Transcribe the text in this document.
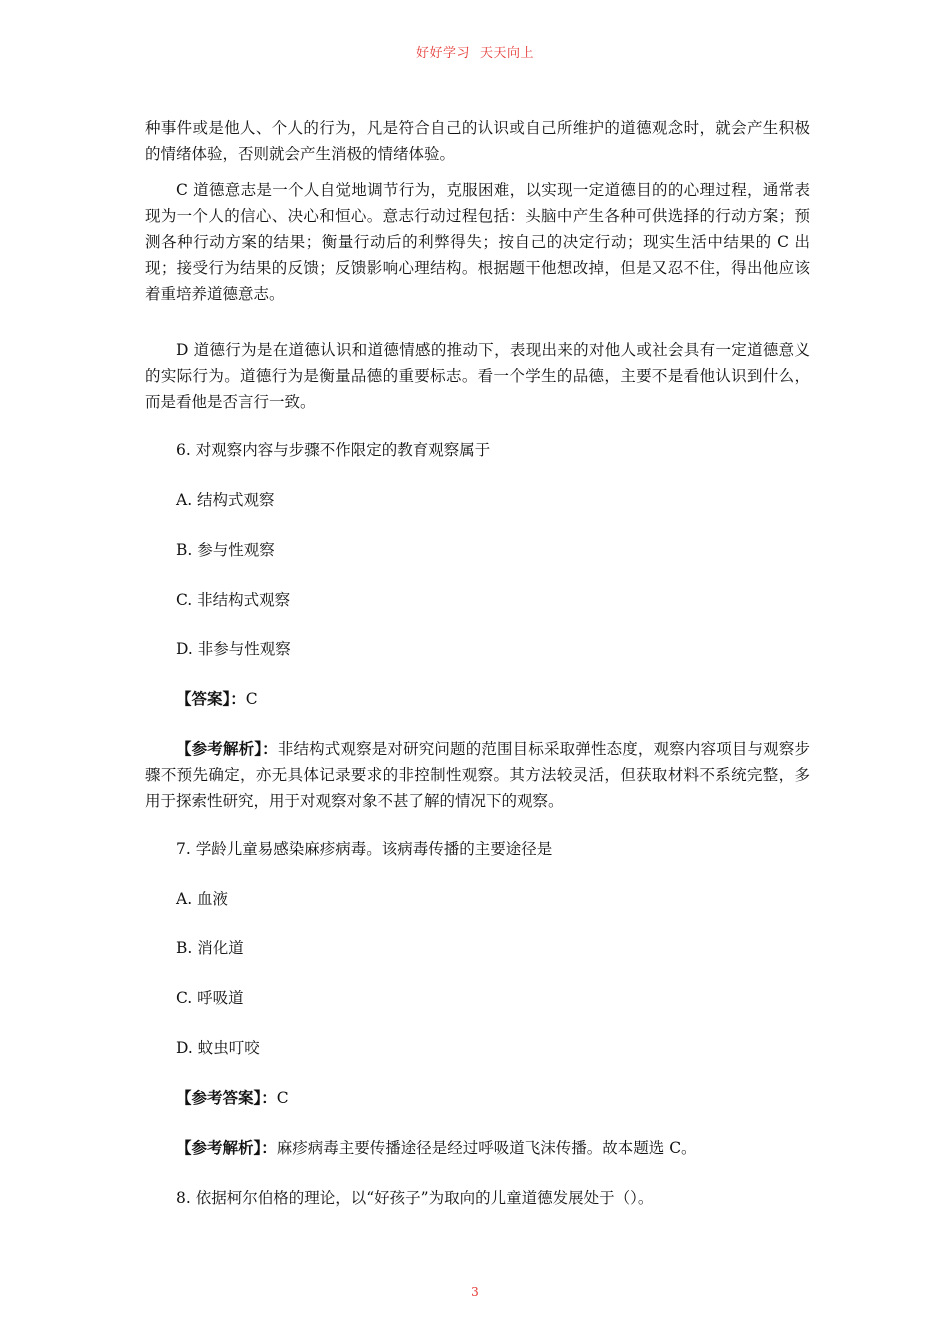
好好学习 天天向上

种事件或是他人、个人的行为，凡是符合自己的认识或自己所维护的道德观念时，就会产生积极的情绪体验，否则就会产生消极的情绪体验。

C 道德意志是一个人自觉地调节行为，克服困难，以实现一定道德目的的心理过程，通常表现为一个人的信心、决心和恒心。意志行动过程包括：头脑中产生各种可供选择的行动方案；预测各种行动方案的结果；衡量行动后的利弊得失；按自己的决定行动；现实生活中结果的 C 出现；接受行为结果的反馈；反馈影响心理结构。根据题干他想改掉，但是又忍不住，得出他应该着重培养道德意志。

D 道德行为是在道德认识和道德情感的推动下，表现出来的对他人或社会具有一定道德意义的实际行为。道德行为是衡量品德的重要标志。看一个学生的品德，主要不是看他认识到什么，而是看他是否言行一致。

6. 对观察内容与步骤不作限定的教育观察属于

A. 结构式观察

B. 参与性观察

C. 非结构式观察

D. 非参与性观察

【答案】：C

【参考解析】：非结构式观察是对研究问题的范围目标采取弹性态度，观察内容项目与观察步骤不预先确定，亦无具体记录要求的非控制性观察。其方法较灵活，但获取材料不系统完整，多用于探索性研究，用于对观察对象不甚了解的情况下的观察。

7. 学龄儿童易感染麻疹病毒。该病毒传播的主要途径是

A. 血液

B. 消化道

C. 呼吸道

D. 蚊虫叮咬

【参考答案】：C

【参考解析】：麻疹病毒主要传播途径是经过呼吸道飞沫传播。故本题选 C。

8. 依据柯尔伯格的理论，以“好孩子”为取向的儿童道德发展处于（）。

3
